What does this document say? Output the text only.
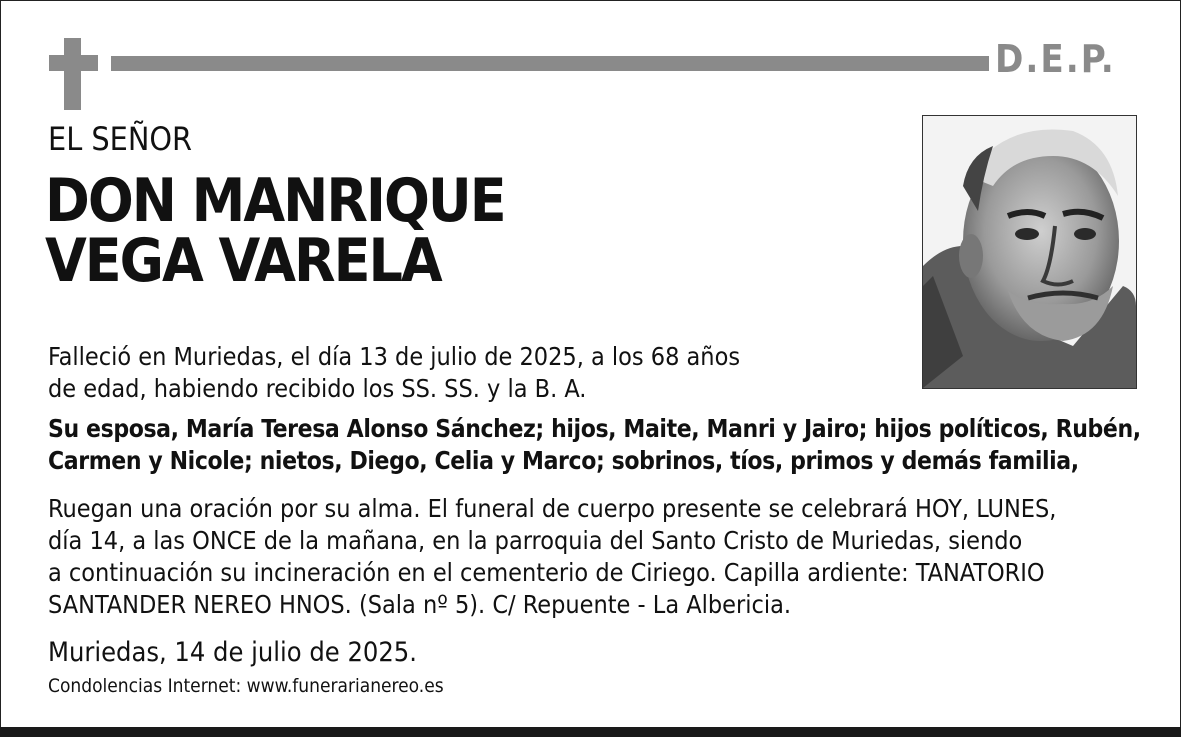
D.E.P.
EL SEÑOR
DON MANRIQUE
VEGA VARELA
Falleció en Muriedas, el día 13 de julio de 2025, a los 68 años
de edad, habiendo recibido los SS. SS. y la B. A.
Su esposa, María Teresa Alonso Sánchez; hijos, Maite, Manri y Jairo; hijos políticos, Rubén,
Carmen y Nicole; nietos, Diego, Celia y Marco; sobrinos, tíos, primos y demás familia,
Ruegan una oración por su alma. El funeral de cuerpo presente se celebrará HOY, LUNES,
día 14, a las ONCE de la mañana, en la parroquia del Santo Cristo de Muriedas, siendo
a continuación su incineración en el cementerio de Ciriego. Capilla ardiente: TANATORIO
SANTANDER NEREO HNOS. (Sala nº 5). C/ Repuente - La Albericia.
Muriedas, 14 de julio de 2025.
Condolencias Internet: www.funerarianereo.es
